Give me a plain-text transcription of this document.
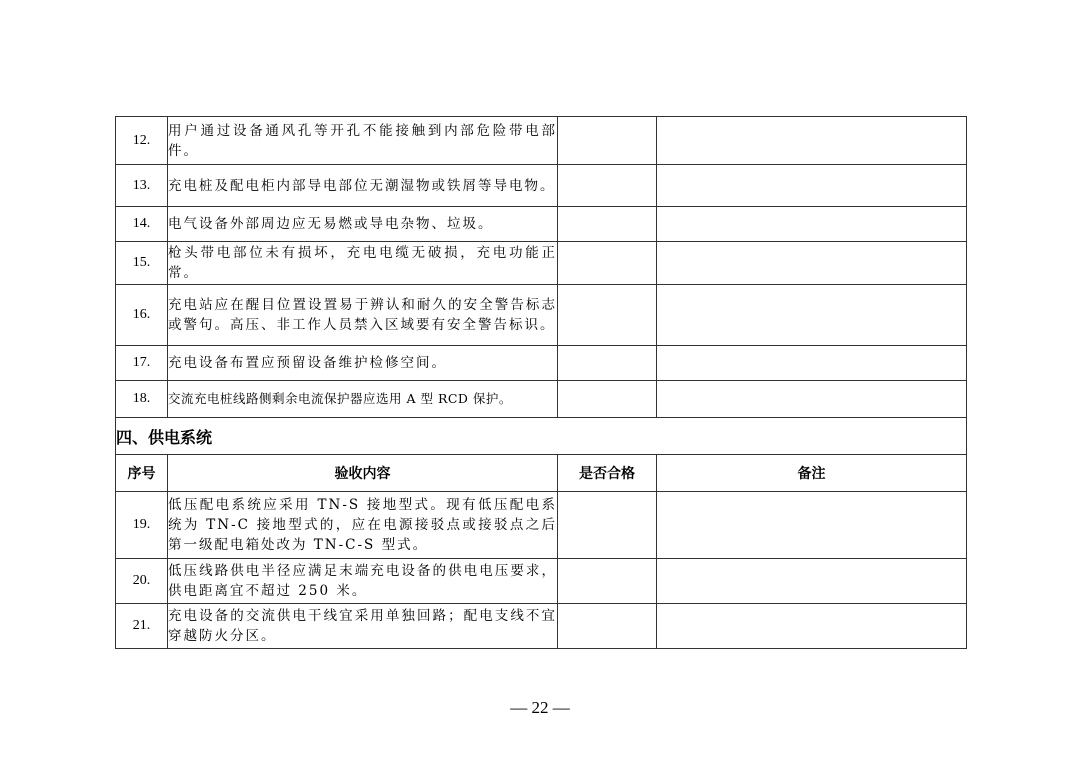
12.	用户通过设备通风孔等开孔不能接触到内部危险带电部件。		
13.	充电桩及配电柜内部导电部位无潮湿物或铁屑等导电物。		
14.	电气设备外部周边应无易燃或导电杂物、垃圾。		
15.	枪头带电部位未有损坏，充电电缆无破损，充电功能正常。		
16.	充电站应在醒目位置设置易于辨认和耐久的安全警告标志或警句。高压、非工作人员禁入区域要有安全警告标识。		
17.	充电设备布置应预留设备维护检修空间。		
18.	交流充电桩线路侧剩余电流保护器应选用 A 型 RCD 保护。		
四、供电系统			
序号	验收内容	是否合格	备注
19.	低压配电系统应采用 TN-S 接地型式。现有低压配电系统为 TN-C 接地型式的，应在电源接驳点或接驳点之后第一级配电箱处改为 TN-C-S 型式。		
20.	低压线路供电半径应满足末端充电设备的供电电压要求，供电距离宜不超过 250 米。		
21.	充电设备的交流供电干线宜采用单独回路；配电支线不宜穿越防火分区。		
— 22 —
